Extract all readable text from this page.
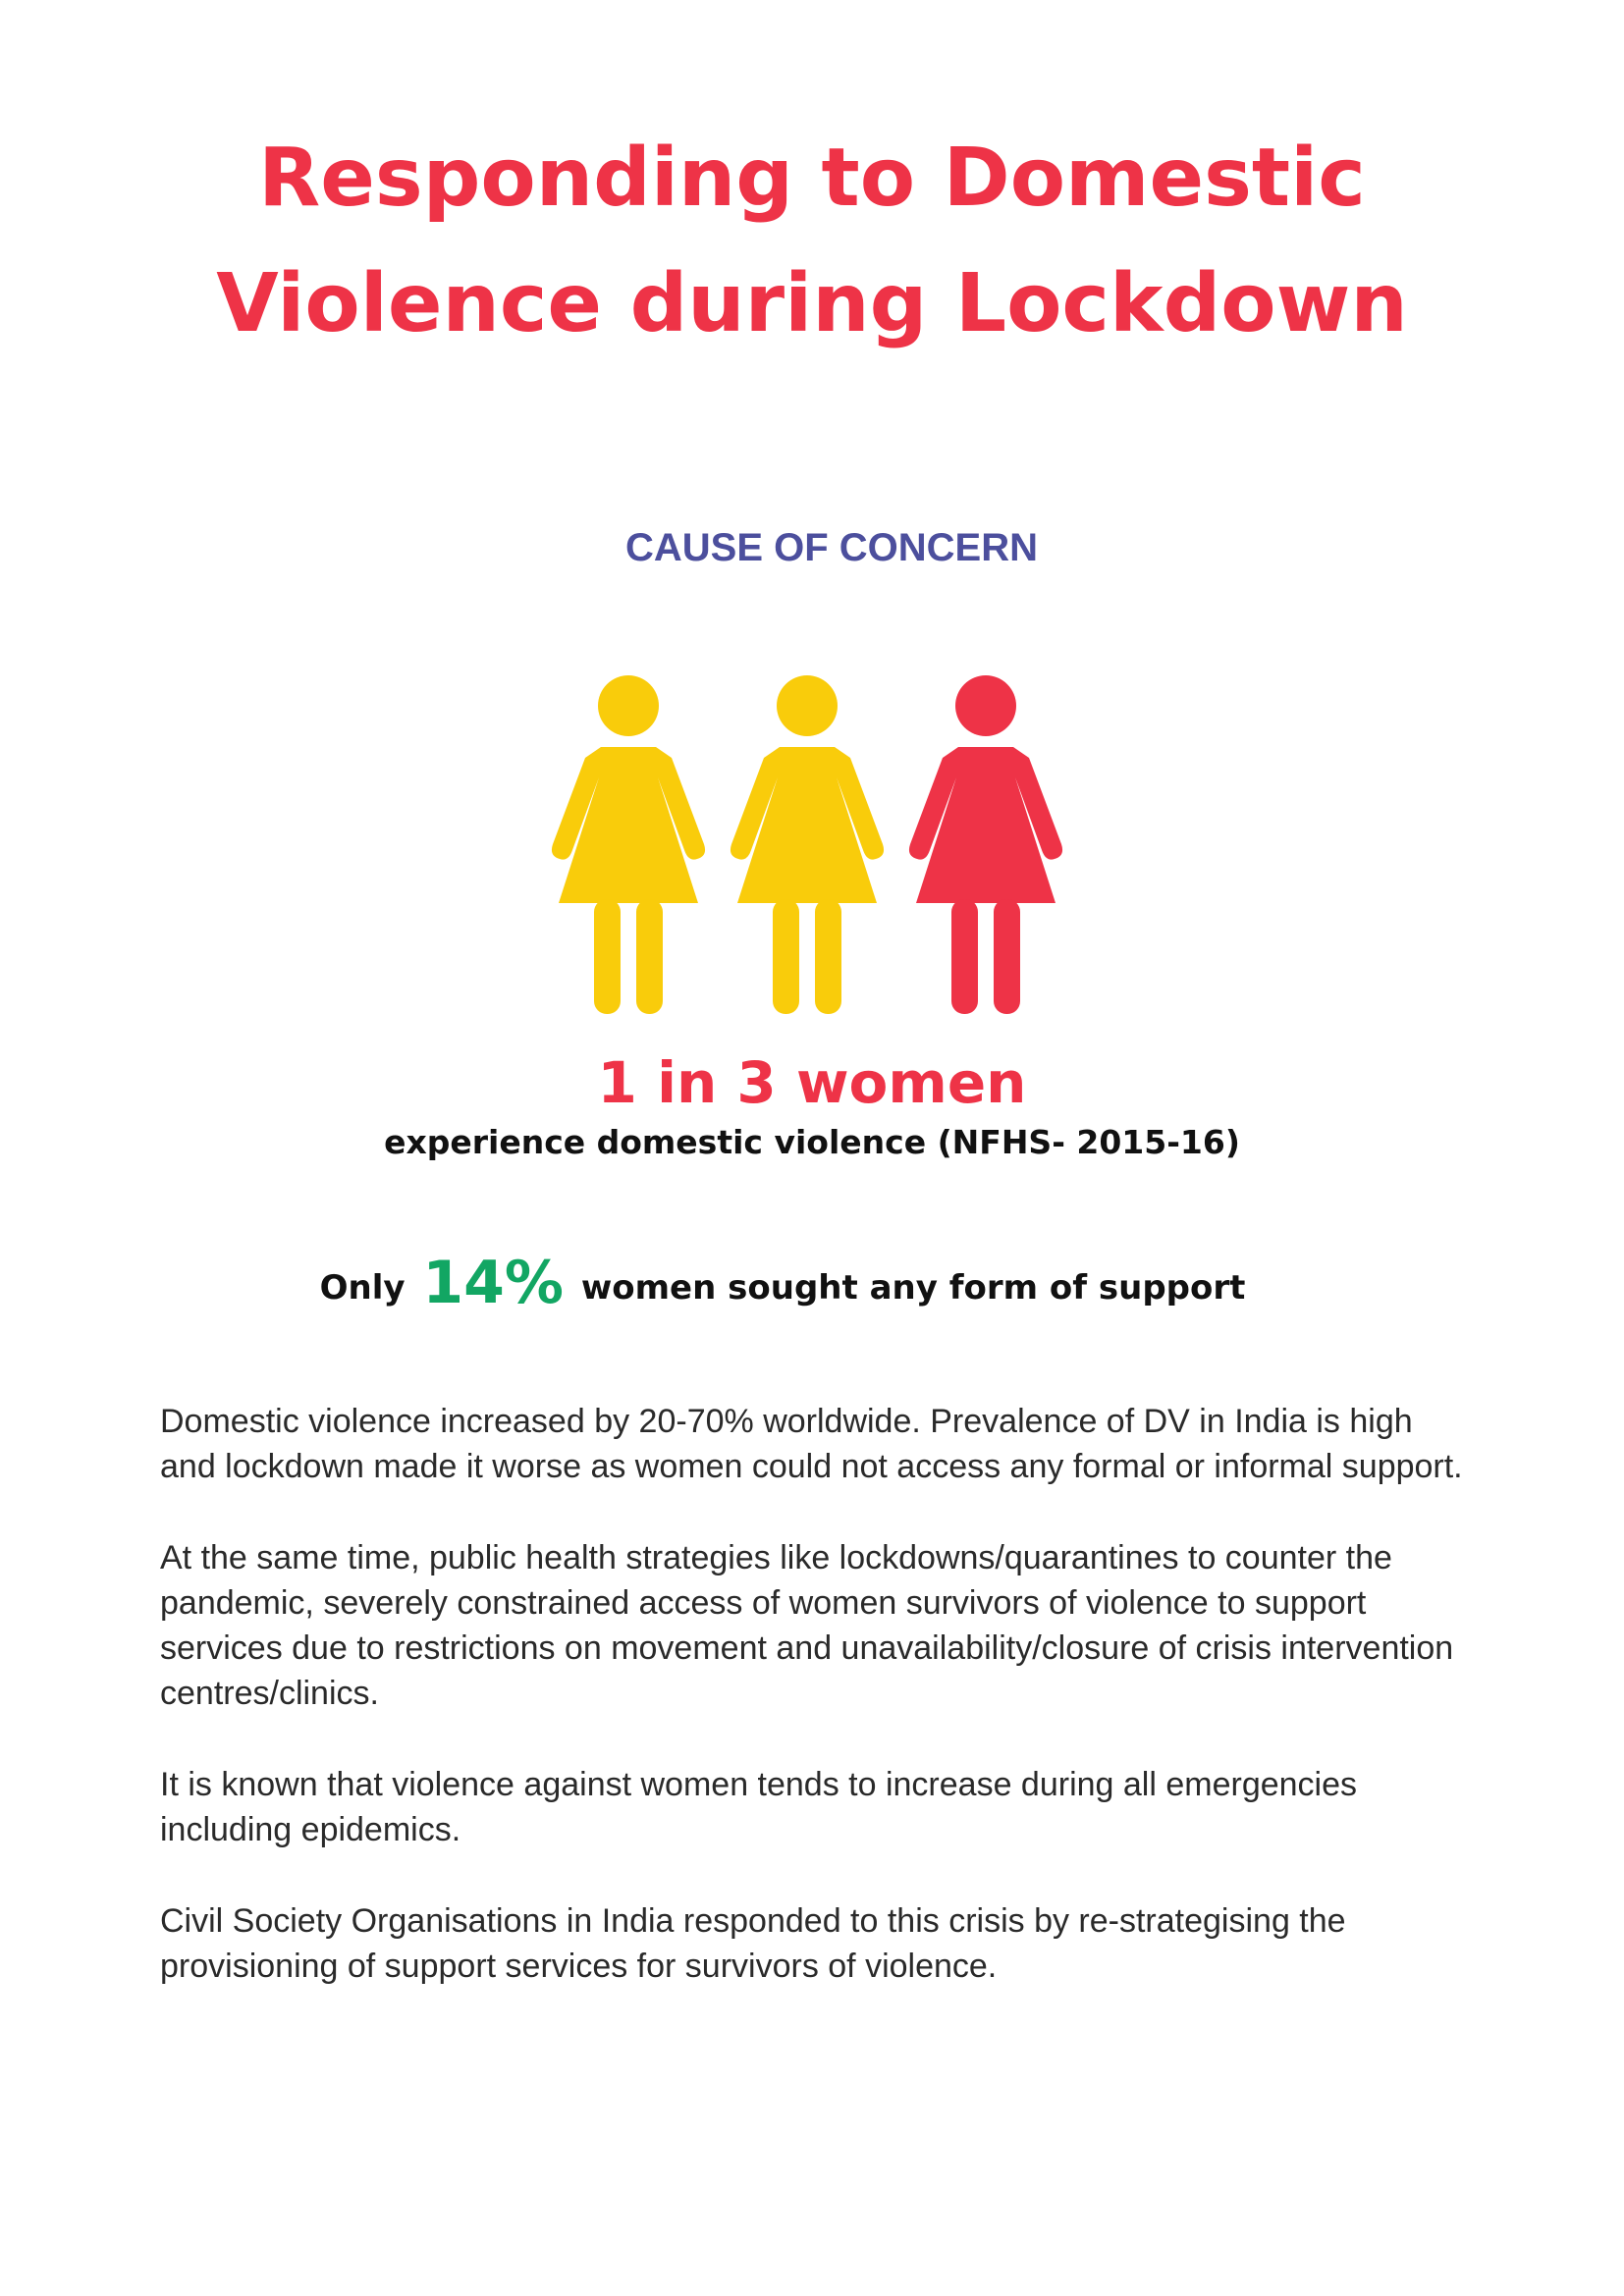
Responding to Domestic
Violence during Lockdown
CAUSE OF CONCERN
1 in 3 women
experience domestic violence (NFHS- 2015-16)
Only 14% women sought any form of support

Domestic violence increased by 20-70% worldwide. Prevalence of DV in India is high and lockdown made it worse as women could not access any formal or informal support.

At the same time, public health strategies like lockdowns/quarantines to counter the pandemic, severely constrained access of women survivors of violence to support services due to restrictions on movement and unavailability/closure of crisis intervention centres/clinics.

It is known that violence against women tends to increase during all emergencies including epidemics.

Civil Society Organisations in India responded to this crisis by re-strategising the provisioning of support services for survivors of violence.
